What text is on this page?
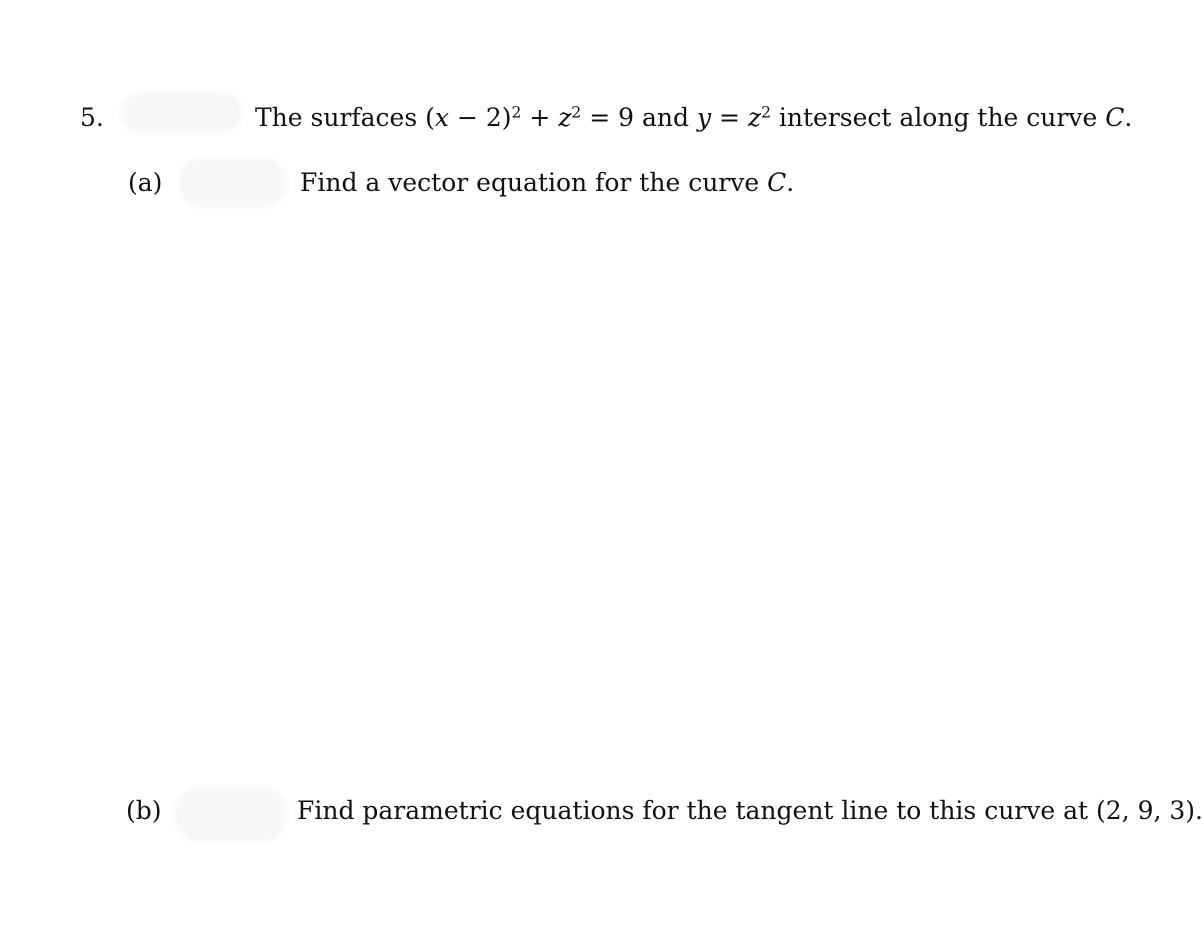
5.	The surfaces $(x - 2)^2 + z^2 = 9$ and $y = z^2$ intersect along the curve C.
(a)	Find a vector equation for the curve C.
(b)	Find parametric equations for the tangent line to this curve at (2, 9, 3).
